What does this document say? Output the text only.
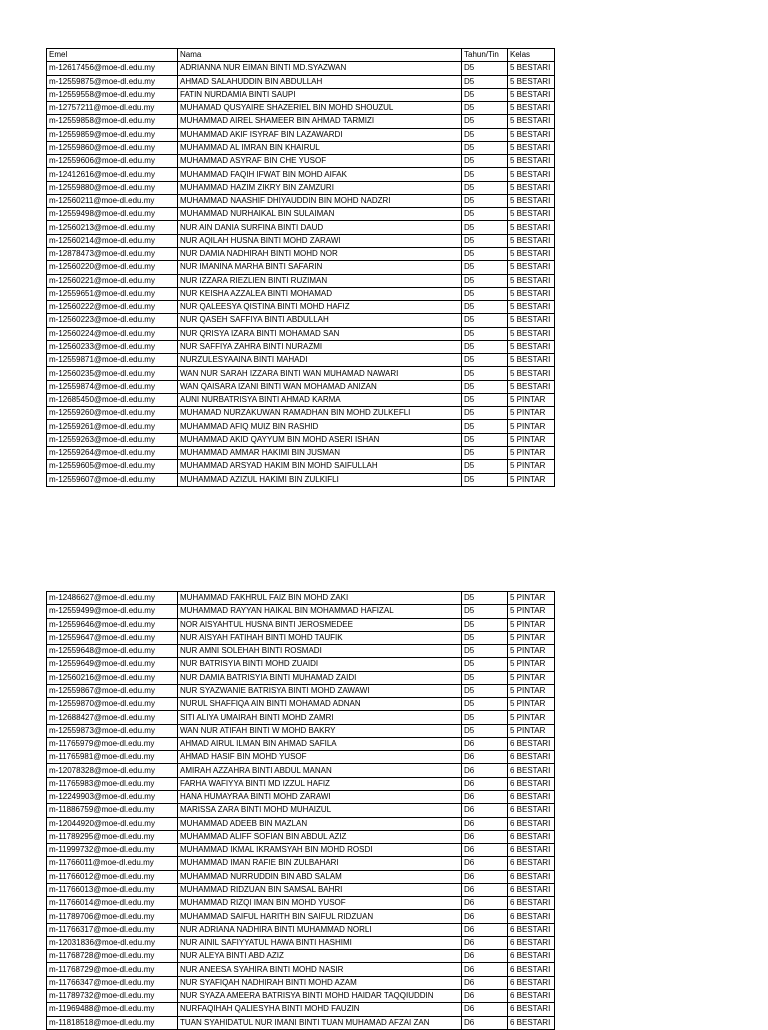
Emel	Nama	Tahun/Tin	Kelas
m-12617456@moe-dl.edu.my	ADRIANNA NUR EIMAN BINTI MD.SYAZWAN	D5	5 BESTARI
m-12559875@moe-dl.edu.my	AHMAD SALAHUDDIN BIN ABDULLAH	D5	5 BESTARI
m-12559558@moe-dl.edu.my	FATIN NURDAMIA BINTI SAUPI	D5	5 BESTARI
m-12757211@moe-dl.edu.my	MUHAMAD QUSYAIRE SHAZERIEL BIN MOHD SHOUZUL	D5	5 BESTARI
m-12559858@moe-dl.edu.my	MUHAMMAD AIREL SHAMEER BIN AHMAD TARMIZI	D5	5 BESTARI
m-12559859@moe-dl.edu.my	MUHAMMAD AKIF ISYRAF BIN LAZAWARDI	D5	5 BESTARI
m-12559860@moe-dl.edu.my	MUHAMMAD AL IMRAN BIN KHAIRUL	D5	5 BESTARI
m-12559606@moe-dl.edu.my	MUHAMMAD ASYRAF BIN CHE YUSOF	D5	5 BESTARI
m-12412616@moe-dl.edu.my	MUHAMMAD FAQIH IFWAT BIN MOHD AIFAK	D5	5 BESTARI
m-12559880@moe-dl.edu.my	MUHAMMAD HAZIM ZIKRY BIN ZAMZURI	D5	5 BESTARI
m-12560211@moe-dl.edu.my	MUHAMMAD NAASHIF DHIYAUDDIN BIN MOHD NADZRI	D5	5 BESTARI
m-12559498@moe-dl.edu.my	MUHAMMAD NURHAIKAL BIN SULAIMAN	D5	5 BESTARI
m-12560213@moe-dl.edu.my	NUR AIN DANIA SURFINA BINTI DAUD	D5	5 BESTARI
m-12560214@moe-dl.edu.my	NUR AQILAH HUSNA BINTI MOHD ZARAWI	D5	5 BESTARI
m-12878473@moe-dl.edu.my	NUR DAMIA NADHIRAH BINTI MOHD NOR	D5	5 BESTARI
m-12560220@moe-dl.edu.my	NUR IMANINA MARHA BINTI SAFARIN	D5	5 BESTARI
m-12560221@moe-dl.edu.my	NUR IZZARA RIEZLIEN BINTI RUZIMAN	D5	5 BESTARI
m-12559651@moe-dl.edu.my	NUR KEISHA AZZALEA BINTI MOHAMAD	D5	5 BESTARI
m-12560222@moe-dl.edu.my	NUR QALEESYA QISTINA BINTI MOHD HAFIZ	D5	5 BESTARI
m-12560223@moe-dl.edu.my	NUR QASEH SAFFIYA BINTI ABDULLAH	D5	5 BESTARI
m-12560224@moe-dl.edu.my	NUR QRISYA IZARA BINTI MOHAMAD SAN	D5	5 BESTARI
m-12560233@moe-dl.edu.my	NUR SAFFIYA ZAHRA BINTI NURAZMI	D5	5 BESTARI
m-12559871@moe-dl.edu.my	NURZULESYAAINA BINTI MAHADI	D5	5 BESTARI
m-12560235@moe-dl.edu.my	WAN NUR SARAH IZZARA BINTI WAN MUHAMAD NAWARI	D5	5 BESTARI
m-12559874@moe-dl.edu.my	WAN QAISARA IZANI BINTI WAN MOHAMAD ANIZAN	D5	5 BESTARI
m-12685450@moe-dl.edu.my	AUNI NURBATRISYA BINTI AHMAD KARMA	D5	5 PINTAR
m-12559260@moe-dl.edu.my	MUHAMAD NURZAKUWAN RAMADHAN BIN MOHD ZULKEFLI	D5	5 PINTAR
m-12559261@moe-dl.edu.my	MUHAMMAD AFIQ MUIZ BIN RASHID	D5	5 PINTAR
m-12559263@moe-dl.edu.my	MUHAMMAD AKID QAYYUM BIN MOHD ASERI ISHAN	D5	5 PINTAR
m-12559264@moe-dl.edu.my	MUHAMMAD AMMAR HAKIMI BIN JUSMAN	D5	5 PINTAR
m-12559605@moe-dl.edu.my	MUHAMMAD ARSYAD HAKIM BIN MOHD SAIFULLAH	D5	5 PINTAR
m-12559607@moe-dl.edu.my	MUHAMMAD AZIZUL HAKIMI BIN ZULKIFLI	D5	5 PINTAR
m-12486627@moe-dl.edu.my	MUHAMMAD FAKHRUL FAIZ BIN MOHD ZAKI	D5	5 PINTAR
m-12559499@moe-dl.edu.my	MUHAMMAD RAYYAN HAIKAL BIN MOHAMMAD HAFIZAL	D5	5 PINTAR
m-12559646@moe-dl.edu.my	NOR AISYAHTUL HUSNA BINTI JEROSMEDEE	D5	5 PINTAR
m-12559647@moe-dl.edu.my	NUR AISYAH FATIHAH BINTI MOHD TAUFIK	D5	5 PINTAR
m-12559648@moe-dl.edu.my	NUR AMNI SOLEHAH BINTI ROSMADI	D5	5 PINTAR
m-12559649@moe-dl.edu.my	NUR BATRISYIA BINTI MOHD ZUAIDI	D5	5 PINTAR
m-12560216@moe-dl.edu.my	NUR DAMIA BATRISYIA BINTI MUHAMAD ZAIDI	D5	5 PINTAR
m-12559867@moe-dl.edu.my	NUR SYAZWANIE BATRISYA BINTI MOHD ZAWAWI	D5	5 PINTAR
m-12559870@moe-dl.edu.my	NURUL SHAFFIQA AIN BINTI MOHAMAD ADNAN	D5	5 PINTAR
m-12688427@moe-dl.edu.my	SITI ALIYA UMAIRAH BINTI MOHD ZAMRI	D5	5 PINTAR
m-12559873@moe-dl.edu.my	WAN NUR ATIFAH BINTI W MOHD BAKRY	D5	5 PINTAR
m-11765979@moe-dl.edu.my	AHMAD AIRUL ILMAN BIN AHMAD SAFILA	D6	6 BESTARI
m-11765981@moe-dl.edu.my	AHMAD HASIF BIN MOHD YUSOF	D6	6 BESTARI
m-12078328@moe-dl.edu.my	AMIRAH AZZAHRA BINTI ABDUL MANAN	D6	6 BESTARI
m-11765983@moe-dl.edu.my	FARHA WAFIYYA BINTI MD IZZUL HAFIZ	D6	6 BESTARI
m-12249903@moe-dl.edu.my	HANA HUMAYRAA BINTI MOHD ZARAWI	D6	6 BESTARI
m-11886759@moe-dl.edu.my	MARISSA ZARA BINTI MOHD MUHAIZUL	D6	6 BESTARI
m-12044920@moe-dl.edu.my	MUHAMMAD ADEEB BIN MAZLAN	D6	6 BESTARI
m-11789295@moe-dl.edu.my	MUHAMMAD ALIFF SOFIAN BIN ABDUL AZIZ	D6	6 BESTARI
m-11999732@moe-dl.edu.my	MUHAMMAD IKMAL IKRAMSYAH BIN MOHD ROSDI	D6	6 BESTARI
m-11766011@moe-dl.edu.my	MUHAMMAD IMAN RAFIE BIN ZULBAHARI	D6	6 BESTARI
m-11766012@moe-dl.edu.my	MUHAMMAD NURRUDDIN BIN ABD SALAM	D6	6 BESTARI
m-11766013@moe-dl.edu.my	MUHAMMAD RIDZUAN BIN SAMSAL BAHRI	D6	6 BESTARI
m-11766014@moe-dl.edu.my	MUHAMMAD RIZQI IMAN BIN MOHD YUSOF	D6	6 BESTARI
m-11789706@moe-dl.edu.my	MUHAMMAD SAIFUL HARITH BIN SAIFUL RIDZUAN	D6	6 BESTARI
m-11766317@moe-dl.edu.my	NUR ADRIANA NADHIRA BINTI MUHAMMAD NORLI	D6	6 BESTARI
m-12031836@moe-dl.edu.my	NUR AINIL SAFIYYATUL HAWA BINTI HASHIMI	D6	6 BESTARI
m-11768728@moe-dl.edu.my	NUR ALEYA BINTI ABD AZIZ	D6	6 BESTARI
m-11768729@moe-dl.edu.my	NUR ANEESA SYAHIRA BINTI MOHD NASIR	D6	6 BESTARI
m-11766347@moe-dl.edu.my	NUR SYAFIQAH NADHIRAH BINTI MOHD AZAM	D6	6 BESTARI
m-11789732@moe-dl.edu.my	NUR SYAZA AMEERA BATRISYA BINTI MOHD HAIDAR TAQQIUDDIN	D6	6 BESTARI
m-11969488@moe-dl.edu.my	NURFAQIHAH QALIESYHA BINTI MOHD FAUZIN	D6	6 BESTARI
m-11818518@moe-dl.edu.my	TUAN SYAHIDATUL NUR IMANI BINTI TUAN MUHAMAD AFZAI ZAN	D6	6 BESTARI
